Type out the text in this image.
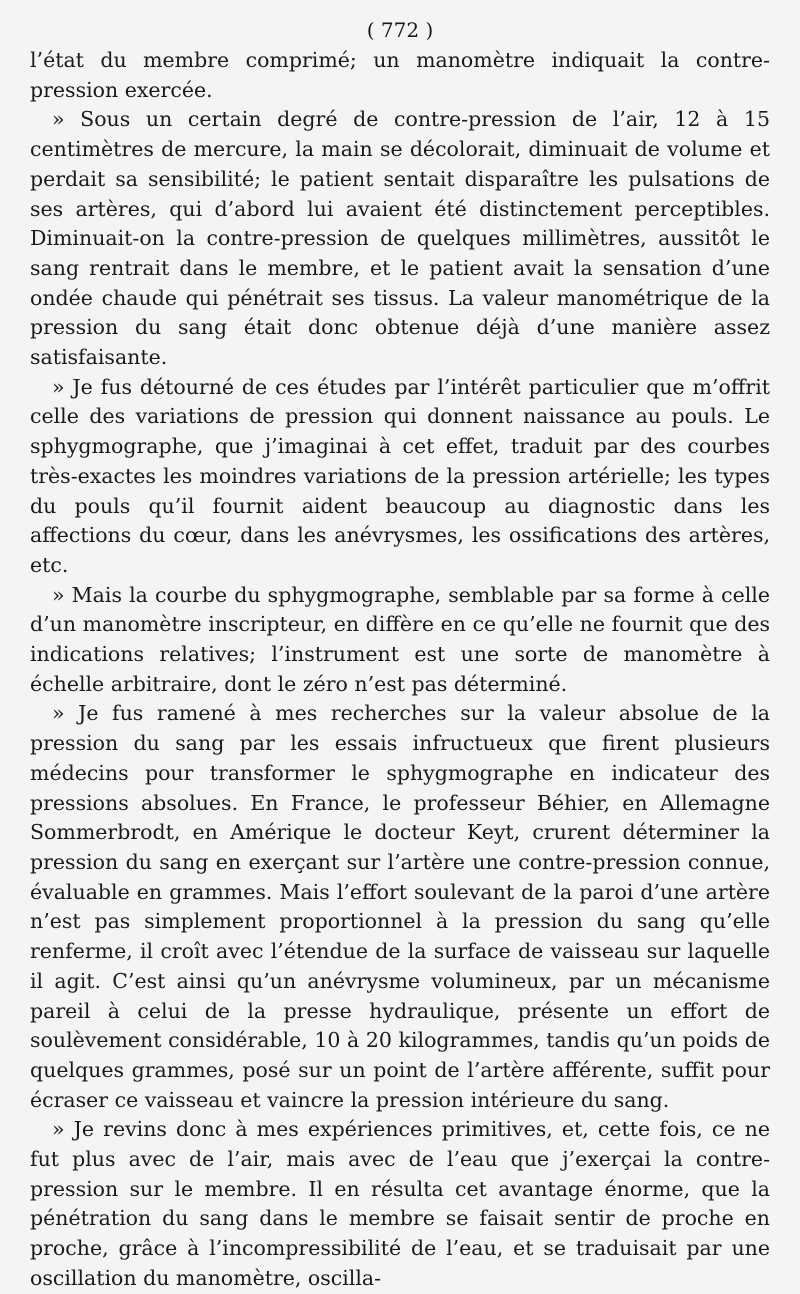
( 772 )

l’état du membre comprimé; un manomètre indiquait la contre-pression exercée.

» Sous un certain degré de contre-pression de l’air, 12 à 15 centimètres de mercure, la main se décolorait, diminuait de volume et perdait sa sensibilité; le patient sentait disparaître les pulsations de ses artères, qui d’abord lui avaient été distinctement perceptibles. Diminuait-on la contre-pression de quelques millimètres, aussitôt le sang rentrait dans le membre, et le patient avait la sensation d’une ondée chaude qui pénétrait ses tissus. La valeur manométrique de la pression du sang était donc obtenue déjà d’une manière assez satisfaisante.

» Je fus détourné de ces études par l’intérêt particulier que m’offrit celle des variations de pression qui donnent naissance au pouls. Le sphygmographe, que j’imaginai à cet effet, traduit par des courbes très-exactes les moindres variations de la pression artérielle; les types du pouls qu’il fournit aident beaucoup au diagnostic dans les affections du cœur, dans les anévrysmes, les ossifications des artères, etc.

» Mais la courbe du sphygmographe, semblable par sa forme à celle d’un manomètre inscripteur, en diffère en ce qu’elle ne fournit que des indications relatives; l’instrument est une sorte de manomètre à échelle arbitraire, dont le zéro n’est pas déterminé.

» Je fus ramené à mes recherches sur la valeur absolue de la pression du sang par les essais infructueux que firent plusieurs médecins pour transformer le sphygmographe en indicateur des pressions absolues. En France, le professeur Béhier, en Allemagne Sommerbrodt, en Amérique le docteur Keyt, crurent déterminer la pression du sang en exerçant sur l’artère une contre-pression connue, évaluable en grammes. Mais l’effort soulevant de la paroi d’une artère n’est pas simplement proportionnel à la pression du sang qu’elle renferme, il croît avec l’étendue de la surface de vaisseau sur laquelle il agit. C’est ainsi qu’un anévrysme volumineux, par un mécanisme pareil à celui de la presse hydraulique, présente un effort de soulèvement considérable, 10 à 20 kilogrammes, tandis qu’un poids de quelques grammes, posé sur un point de l’artère afférente, suffit pour écraser ce vaisseau et vaincre la pression intérieure du sang.

» Je revins donc à mes expériences primitives, et, cette fois, ce ne fut plus avec de l’air, mais avec de l’eau que j’exerçai la contre-pression sur le membre. Il en résulta cet avantage énorme, que la pénétration du sang dans le membre se faisait sentir de proche en proche, grâce à l’incompressibilité de l’eau, et se traduisait par une oscillation du manomètre, oscilla-
